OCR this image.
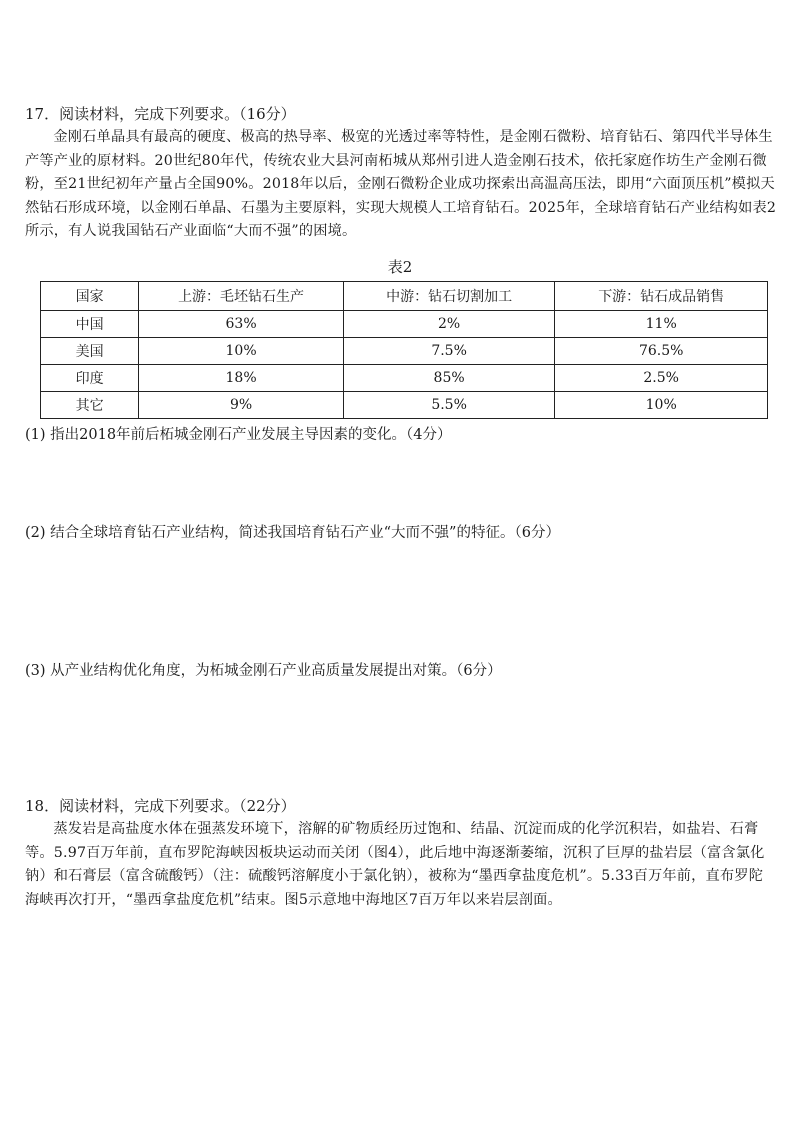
17．阅读材料，完成下列要求。（16分）

金刚石单晶具有最高的硬度、极高的热导率、极宽的光透过率等特性，是金刚石微粉、培育钻石、第四代半导体生产等产业的原材料。20世纪80年代，传统农业大县河南柘城从郑州引进人造金刚石技术，依托家庭作坊生产金刚石微粉，至21世纪初年产量占全国90%。2018年以后，金刚石微粉企业成功探索出高温高压法，即用“六面顶压机”模拟天然钻石形成环境，以金刚石单晶、石墨为主要原料，实现大规模人工培育钻石。2025年，全球培育钻石产业结构如表2所示，有人说我国钻石产业面临“大而不强”的困境。

表2
国家	上游：毛坯钻石生产	中游：钻石切割加工	下游：钻石成品销售
中国	63%	2%	11%
美国	10%	7.5%	76.5%
印度	18%	85%	2.5%
其它	9%	5.5%	10%
(1) 指出2018年前后柘城金刚石产业发展主导因素的变化。（4分）
(2) 结合全球培育钻石产业结构，简述我国培育钻石产业“大而不强”的特征。（6分）
(3) 从产业结构优化角度，为柘城金刚石产业高质量发展提出对策。（6分）
18．阅读材料，完成下列要求。（22分）

蒸发岩是高盐度水体在强蒸发环境下，溶解的矿物质经历过饱和、结晶、沉淀而成的化学沉积岩，如盐岩、石膏等。5.97百万年前，直布罗陀海峡因板块运动而关闭（图4），此后地中海逐渐萎缩，沉积了巨厚的盐岩层（富含氯化钠）和石膏层（富含硫酸钙）（注：硫酸钙溶解度小于氯化钠），被称为“墨西拿盐度危机”。5.33百万年前，直布罗陀海峡再次打开，“墨西拿盐度危机”结束。图5示意地中海地区7百万年以来岩层剖面。
